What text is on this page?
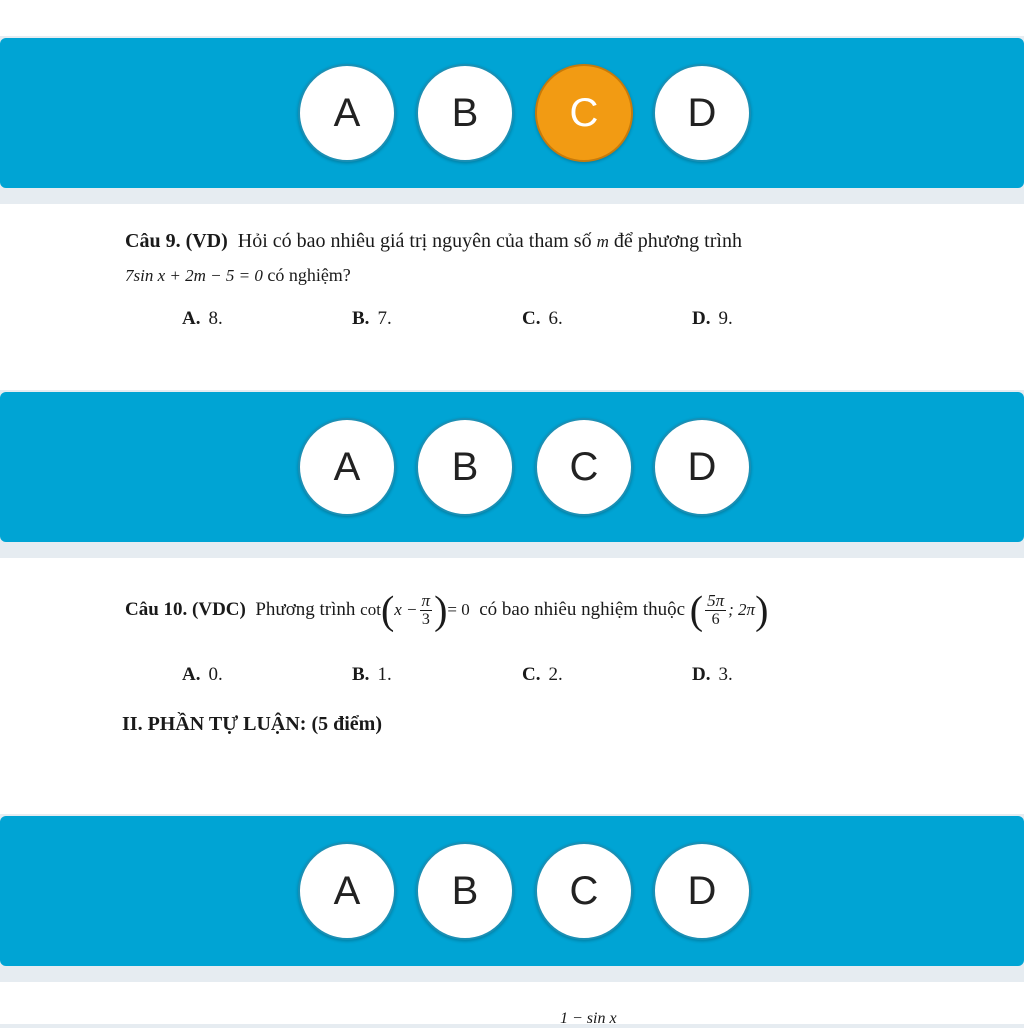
A	B	C	D
Câu 9. (VD) Hỏi có bao nhiêu giá trị nguyên của tham số m để phương trình
7sin x + 2m − 5 = 0 có nghiệm?
A. 8.	B. 7.	C. 6.	D. 9.
A	B	C	D
Câu 10. (VDC) Phương trình $\cot(x - \frac{\pi}{3}$ )= 0 có bao nhiêu nghiệm thuộc ( $\frac{5\pi}{6}$ ; 2π)
A. 0.	B. 1.	C. 2.	D. 3.
II. PHẦN TỰ LUẬN: (5 điểm)
A	B	C	D
1 − sin x
